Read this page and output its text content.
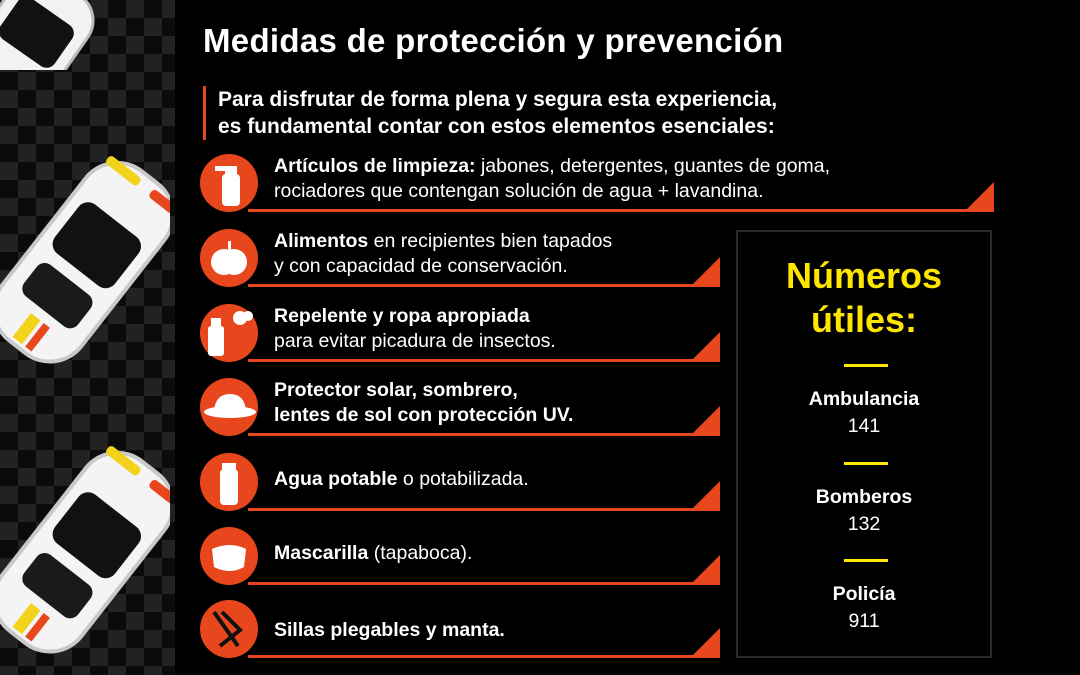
Medidas de protección y prevención
Para disfrutar de forma plena y segura esta experiencia,
es fundamental contar con estos elementos esenciales:
Artículos de limpieza: jabones, detergentes, guantes de goma,
rociadores que contengan solución de agua + lavandina.
Alimentos en recipientes bien tapados
y con capacidad de conservación.
Repelente y ropa apropiada
para evitar picadura de insectos.
Protector solar, sombrero,
lentes de sol con protección UV.
Agua potable o potabilizada.
Mascarilla (tapaboca).
Sillas plegables y manta.
Números
útiles:
Ambulancia
141
Bomberos
132
Policía
911
